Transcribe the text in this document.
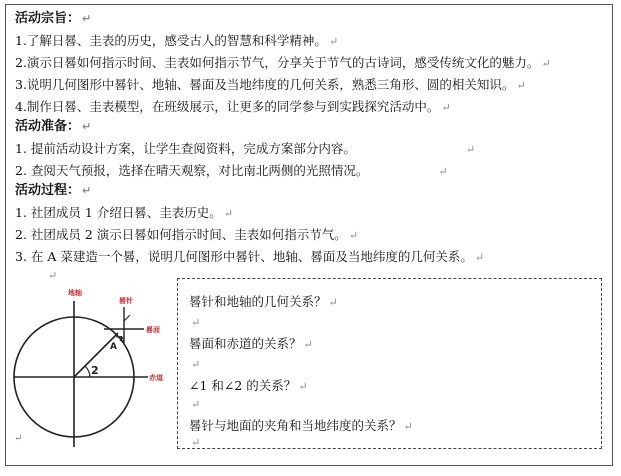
活动宗旨： ↵
1.了解日晷、圭表的历史，感受古人的智慧和科学精神。 ↵
2.演示日晷如何指示时间、圭表如何指示节气，分享关于节气的古诗词，感受传统文化的魅力。 ↵
3.说明几何图形中晷针、地轴、晷面及当地纬度的几何关系，熟悉三角形、圆的相关知识。 ↵
4.制作日晷、圭表模型，在班级展示，让更多的同学参与到实践探究活动中。 ↵
活动准备： ↵
1. 提前活动设计方案，让学生查阅资料，完成方案部分内容。	↵
2. 查阅天气预报，选择在晴天观察，对比南北两侧的光照情况。	↵
活动过程： ↵
1. 社团成员 1 介绍日晷、圭表历史。 ↵
2. 社团成员 2 演示日晷如何指示时间、圭表如何指示节气。 ↵
3. 在 A 菜建造一个晷，说明几何图形中晷针、地轴、晷面及当地纬度的几何关系。 ↵
↵
地轴
晷针
晷面
赤道
A
1
2
↵
晷针和地轴的几何关系？ ↵
↵
晷面和赤道的关系？ ↵
↵
∠1 和∠2 的关系？ ↵
↵
晷针与地面的夹角和当地纬度的关系？ ↵
↵
